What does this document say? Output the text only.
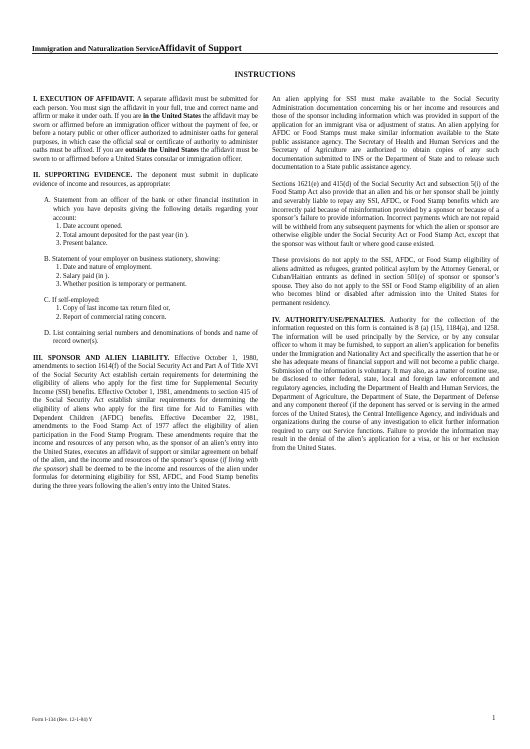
Immigration and Naturalization ServiceAffidavit of Support
INSTRUCTIONS

I. EXECUTION OF AFFIDAVIT. A separate affidavit must be submitted for each person. You must sign the affidavit in your full, true and correct name and affirm or make it under oath. If you are in the United States the affidavit may be sworn or affirmed before an immigration officer without the payment of fee, or before a notary public or other officer authorized to administer oaths for general purposes, in which case the official seal or certificate of authority to administer oaths must be affixed. If you are outside the United States the affidavit must be sworn to or affirmed before a United States consular or immigration officer.

II. SUPPORTING EVIDENCE. The deponent must submit in duplicate evidence of income and resources, as appropriate:

A. Statement from an officer of the bank or other financial institution in which you have deposits giving the following details regarding your account:
1. Date account opened.
2. Total amount deposited for the past year (in ).
3. Present balance.
B. Statement of your employer on business stationery, showing:
1. Date and nature of employment.
2. Salary paid (in ).
3. Whether position is temporary or permanent.
C. If self-employed:
1. Copy of last income tax return filed or,
2. Report of commercial rating concern.
D. List containing serial numbers and denominations of bonds and name of record owner(s).

III. SPONSOR AND ALIEN LIABILITY. Effective October 1, 1980, amendments to section 1614(f) of the Social Security Act and Part A of Title XVI of the Social Security Act establish certain requirements for determining the eligibility of aliens who apply for the first time for Supplemental Security Income (SSI) benefits. Effective October 1, 1981, amendments to section 415 of the Social Security Act establish similar requirements for determining the eligibility of aliens who apply for the first time for Aid to Families with Dependent Children (AFDC) benefits. Effective December 22, 1981, amendments to the Food Stamp Act of 1977 affect the eligibility of alien participation in the Food Stamp Program. These amendments require that the income and resources of any person who, as the sponsor of an alien’s entry into the United States, executes an affidavit of support or similar agreement on behalf of the alien, and the income and resources of the sponsor’s spouse (if living with the sponsor) shall be deemed to be the income and resources of the alien under formulas for determining eligibility for SSI, AFDC, and Food Stamp benefits during the three years following the alien’s entry into the United States.

An alien applying for SSI must make available to the Social Security Administration documentation concerning his or her income and resources and those of the sponsor including information which was provided in support of the application for an immigrant visa or adjustment of status. An alien applying for AFDC or Food Stamps must make similar information available to the State public assistance agency. The Secretary of Health and Human Services and the Secretary of Agriculture are authorized to obtain copies of any such documentation submitted to INS or the Department of State and to release such documentation to a State public assistance agency.

Sections 1621(e) and 415(d) of the Social Security Act and subsection 5(i) of the Food Stamp Act also provide that an alien and his or her sponsor shall be jointly and severably liable to repay any SSI, AFDC, or Food Stamp benefits which are incorrectly paid because of misinformation provided by a sponsor or because of a sponsor’s failure to provide information. Incorrect payments which are not repaid will be withheld from any subsequent payments for which the alien or sponsor are otherwise eligible under the Social Security Act or Food Stamp Act, except that the sponsor was without fault or where good cause existed.

These provisions do not apply to the SSI, AFDC, or Food Stamp eligibility of aliens admitted as refugees, granted political asylum by the Attorney General, or Cuban/Haitian entrants as defined in section 501(e) of sponsor or sponsor’s spouse. They also do not apply to the SSI or Food Stamp eligibility of an alien who becomes blind or disabled after admission into the United States for permanent residency.

IV. AUTHORITY/USE/PENALTIES. Authority for the collection of the information requested on this form is contained is 8 (a) (15), 1184(a), and 1258. The information will be used principally by the Service, or by any consular officer to whom it may be furnished, to support an alien’s application for benefits under the Immigration and Nationality Act and specifically the assertion that he or she has adequate means of financial support and will not become a public charge. Submission of the information is voluntary. It may also, as a matter of routine use, be disclosed to other federal, state, local and foreign law enforcement and regulatory agencies, including the Department of Health and Human Services, the Department of Agriculture, the Department of State, the Department of Defense and any component thereof (if the deponent has served or is serving in the armed forces of the United States), the Central Intelligence Agency, and individuals and organizations during the course of any investigation to elicit further information required to carry out Service functions. Failure to provide the information may result in the denial of the alien’s application for a visa, or his or her exclusion from the United States.

Form I-134 (Rev. 12-1-84) Y	1
